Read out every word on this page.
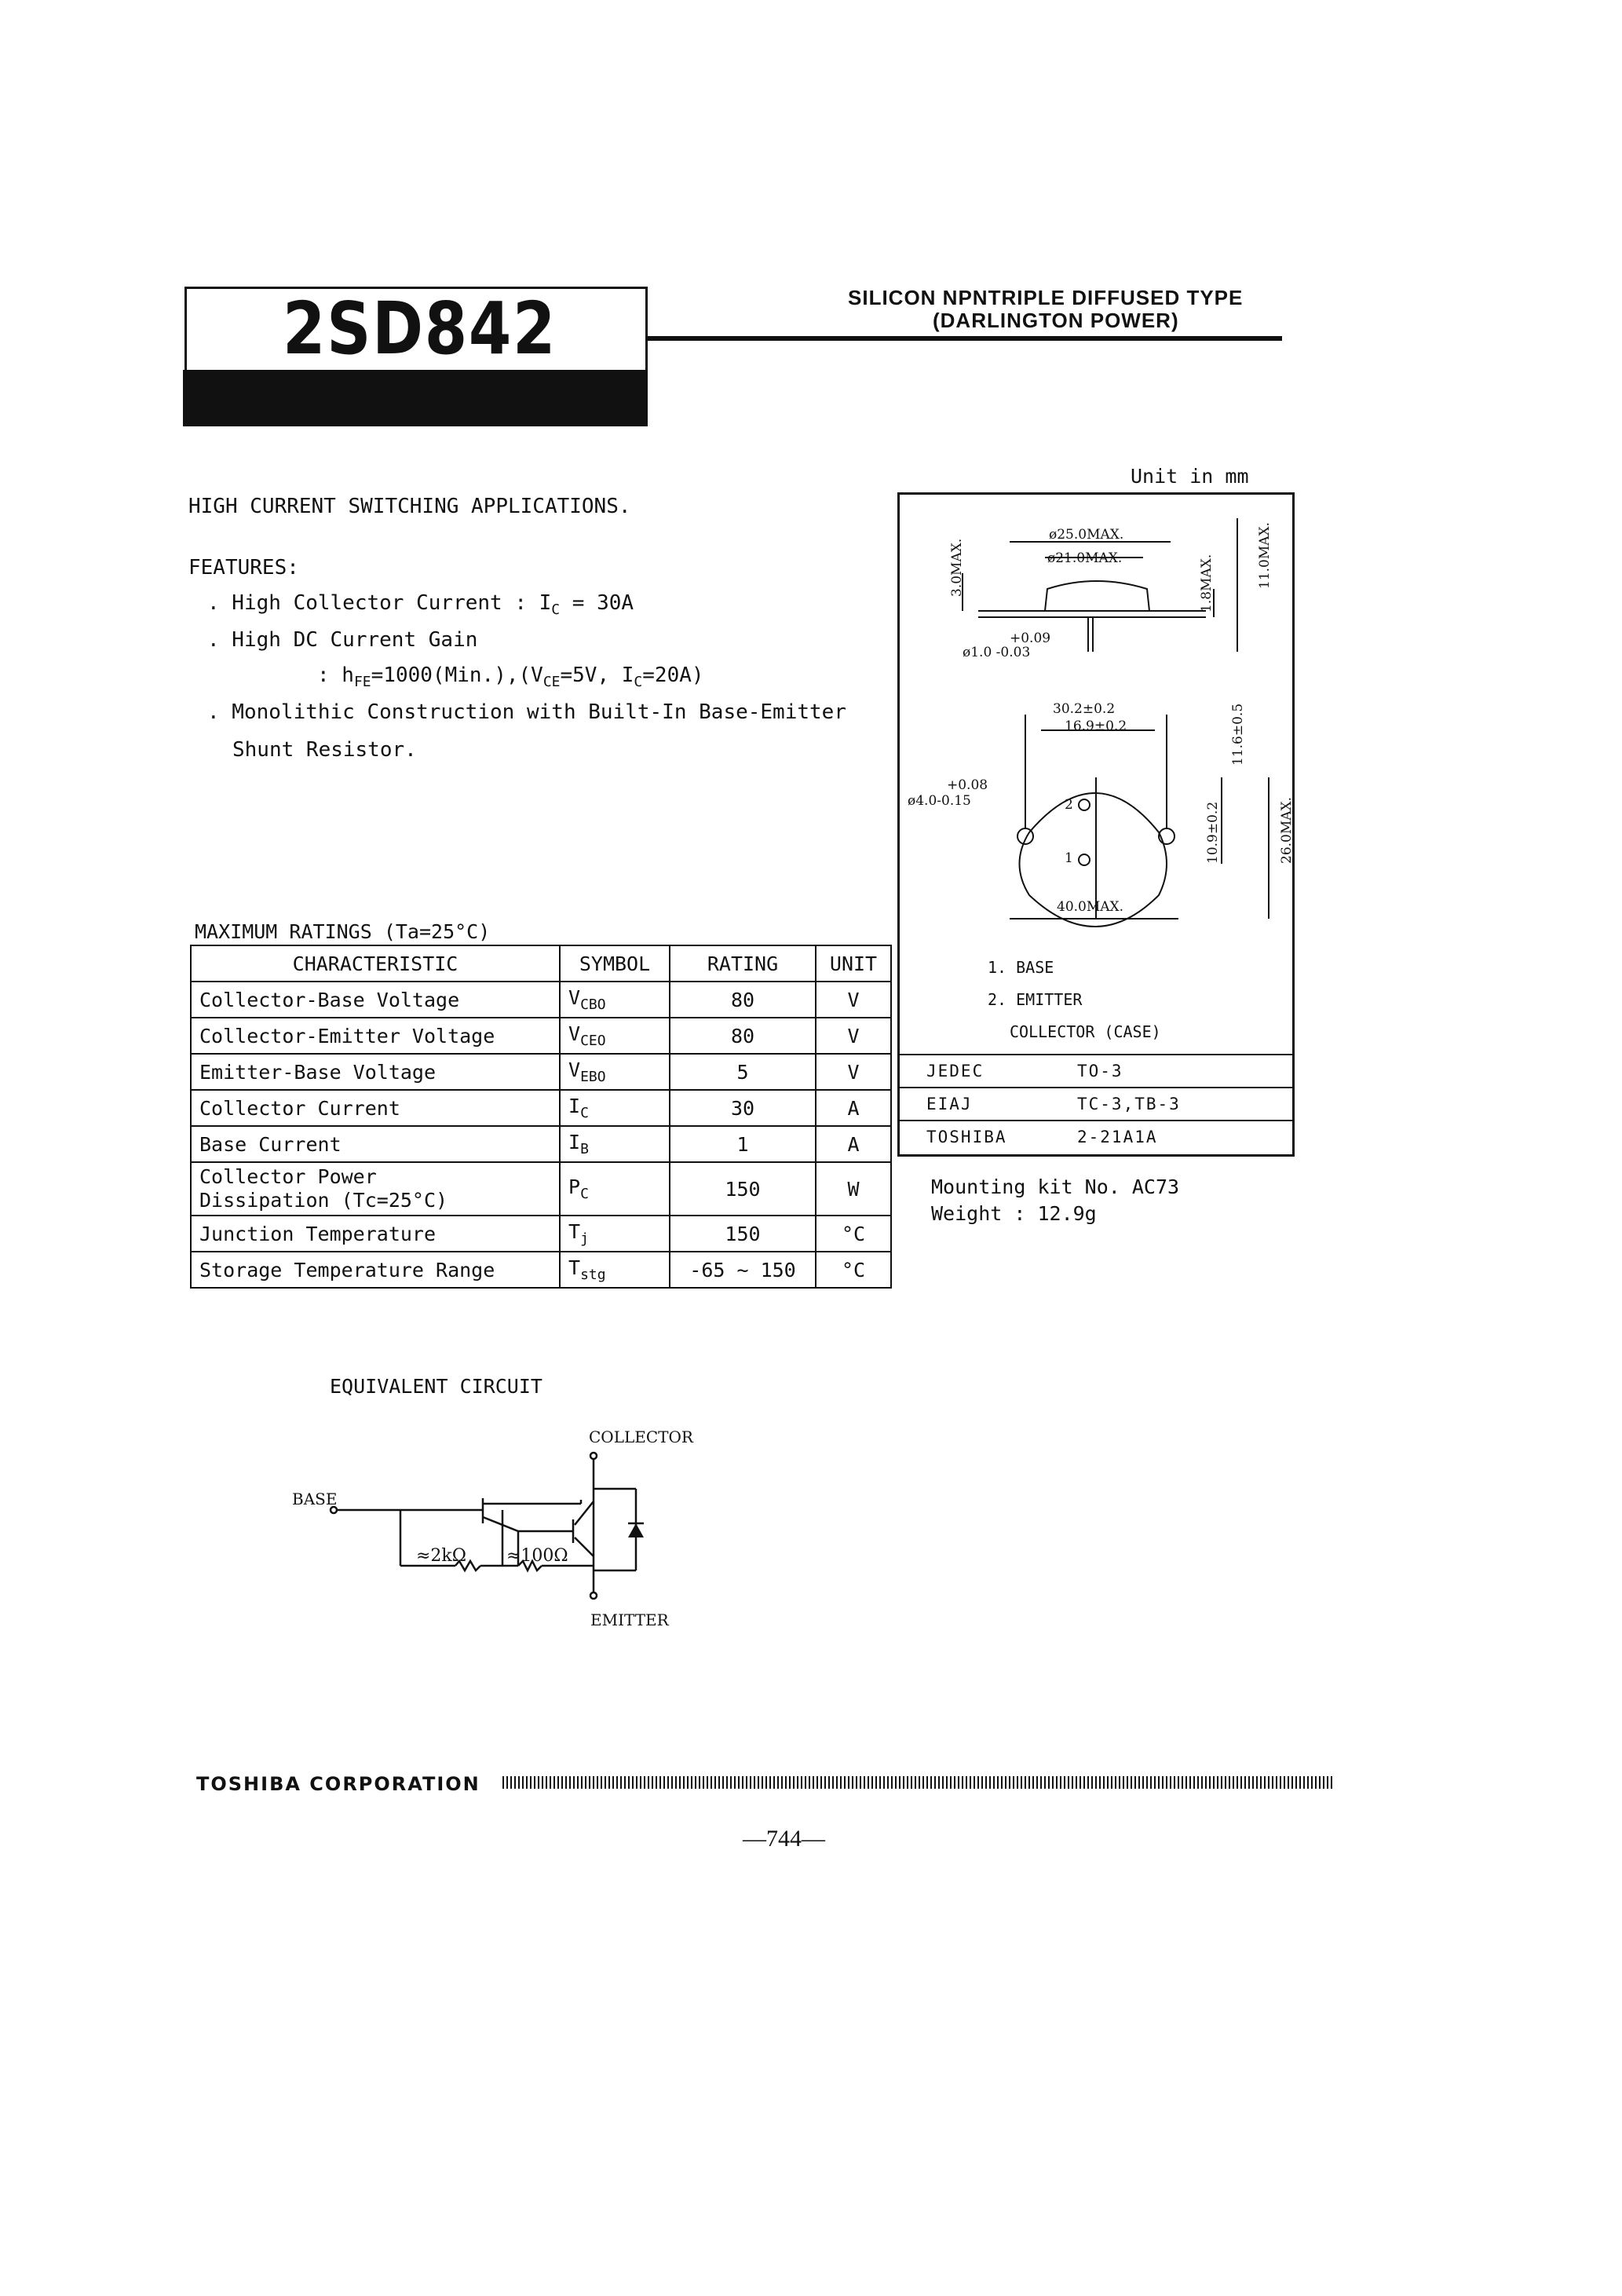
2SD842	SILICON NPNTRIPLE DIFFUSED TYPE
(DARLINGTON POWER)
HIGH CURRENT SWITCHING APPLICATIONS.
FEATURES:
. High Collector Current : $I_C = 30A$
. High DC Current Gain
: $h_{FE}=1000(Min.),(V_{CE}=5V$, $I_C=20A$)
. Monolithic Construction with Built-In Base-Emitter
Shunt Resistor.
MAXIMUM RATINGS (Ta=25°C)
CHARACTERISTIC	SYMBOL	RATING	UNIT
Collector-Base Voltage	$V_{CBO}$	80	V
Collector-Emitter Voltage	$V_{CEO}$	80	V
Emitter-Base Voltage	$V_{EBO}$	5	V
Collector Current	$I_C$	30	A
Base Current	$I_B$	1	A

Collector Power
Dissipation (Tc=25°C)	$P_C$	150	W
Junction Temperature	$T_j$	150	°C
Storage Temperature Range	$T_{stg}$	-65 ~ 150	°C
Unit in mm
ø25.0MAX.
ø21.0MAX.
+0.09
ø1.0 -0.03
11.0MAX.
3.0MAX.	1.8MAX.
11.6±0.5
30.2±0.2
16.9±0.2
+0.08
ø4.0-0.15	2
1
40.0MAX.
10.9±0.2	26.0MAX.
1. BASE
2. EMITTER
COLLECTOR (CASE)
JEDEC	TO-3
EIAJ	TC-3,TB-3
TOSHIBA	2-21A1A
Mounting kit No. AC73
Weight : 12.9g
EQUIVALENT CIRCUIT
COLLECTOR
BASE
EMITTER
≈2kΩ ≈100Ω
TOSHIBA CORPORATION
—744—
